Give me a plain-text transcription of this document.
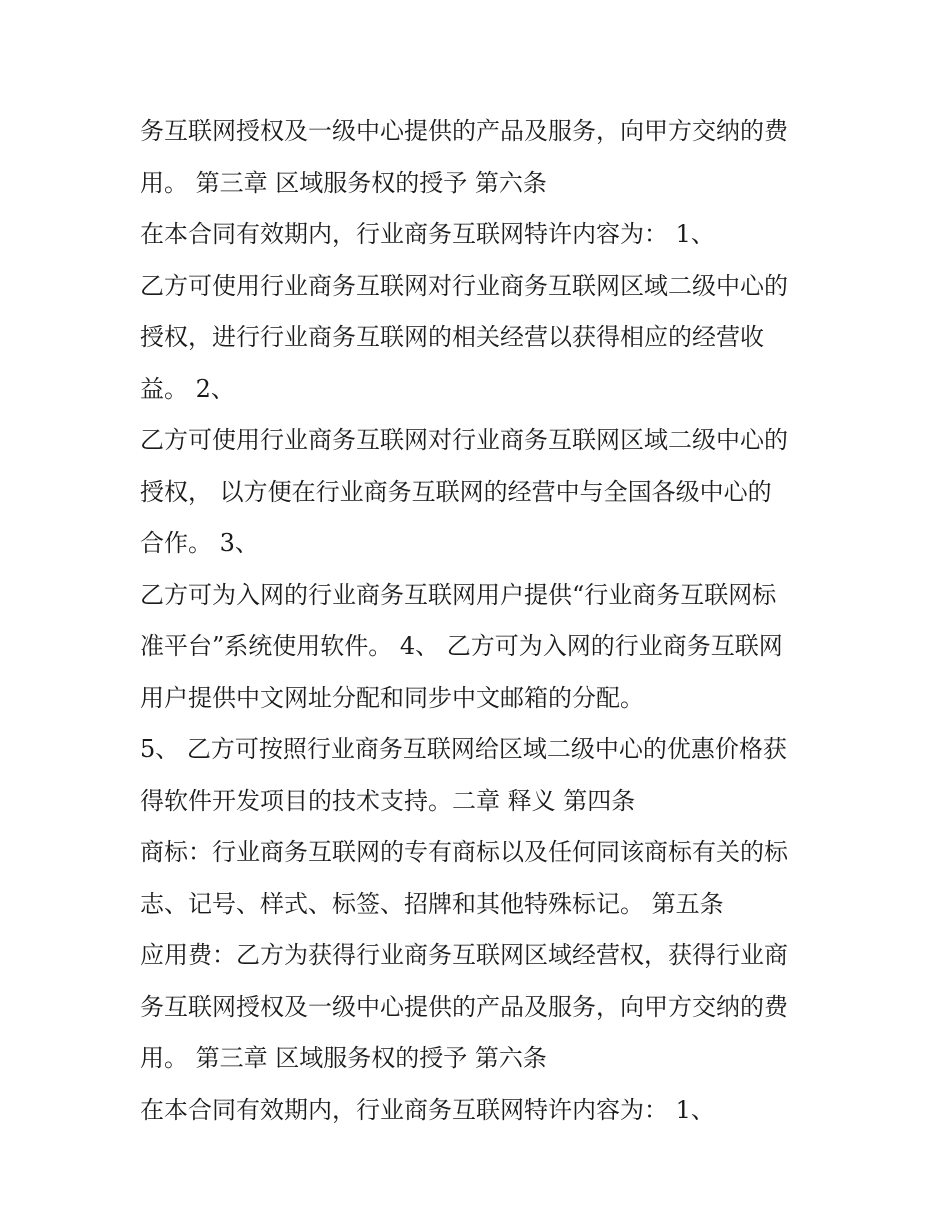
务互联网授权及一级中心提供的产品及服务，向甲方交纳的费
用。 第三章 区域服务权的授予 第六条
在本合同有效期内，行业商务互联网特许内容为： 1、
乙方可使用行业商务互联网对行业商务互联网区域二级中心的
授权，进行行业商务互联网的相关经营以获得相应的经营收
益。 2、
乙方可使用行业商务互联网对行业商务互联网区域二级中心的
授权， 以方便在行业商务互联网的经营中与全国各级中心的
合作。 3、
乙方可为入网的行业商务互联网用户提供“行业商务互联网标
准平台”系统使用软件。 4、 乙方可为入网的行业商务互联网
用户提供中文网址分配和同步中文邮箱的分配。
5、 乙方可按照行业商务互联网给区域二级中心的优惠价格获
得软件开发项目的技术支持。二章 释义 第四条
商标：行业商务互联网的专有商标以及任何同该商标有关的标
志、记号、样式、标签、招牌和其他特殊标记。 第五条
应用费：乙方为获得行业商务互联网区域经营权，获得行业商
务互联网授权及一级中心提供的产品及服务，向甲方交纳的费
用。 第三章 区域服务权的授予 第六条
在本合同有效期内，行业商务互联网特许内容为： 1、
